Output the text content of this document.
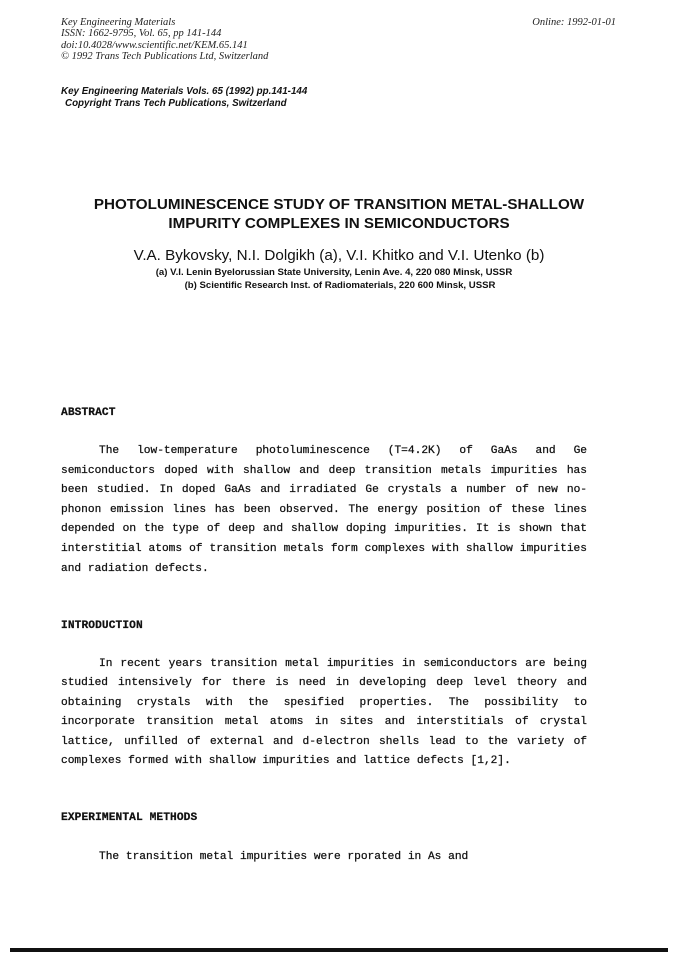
Key Engineering Materials
ISSN: 1662-9795, Vol. 65, pp 141-144
doi:10.4028/www.scientific.net/KEM.65.141
© 1992 Trans Tech Publications Ltd, Switzerland
Online: 1992-01-01
Key Engineering Materials Vols. 65 (1992) pp.141-144
Copyright Trans Tech Publications, Switzerland
PHOTOLUMINESCENCE STUDY OF TRANSITION METAL-SHALLOW
IMPURITY COMPLEXES IN SEMICONDUCTORS
V.A. Bykovsky, N.I. Dolgikh (a), V.I. Khitko and V.I. Utenko (b)
(a) V.I. Lenin Byelorussian State University, Lenin Ave. 4, 220 080 Minsk, USSR
(b) Scientific Research Inst. of Radiomaterials, 220 600 Minsk, USSR
ABSTRACT
The low-temperature photoluminescence (T=4.2K) of GaAs and Ge semiconductors doped with shallow and deep transition metals impurities has been studied. In doped GaAs and irradiated Ge crystals a number of new no-phonon emission lines has been observed. The energy position of these lines depended on the type of deep and shallow doping impurities. It is shown that interstitial atoms of transition metals form complexes with shallow impurities and radiation defects.
INTRODUCTION
In recent years transition metal impurities in semiconductors are being studied intensively for there is need in developing deep level theory and obtaining crystals with the spesified properties. The possibility to incorporate transition metal atoms in sites and interstitials of crystal lattice, unfilled of external and d-electron shells lead to the variety of complexes formed with shallow impurities and lattice defects [1,2].
EXPERIMENTAL METHODS
The transition metal impurities were rporated in As and
